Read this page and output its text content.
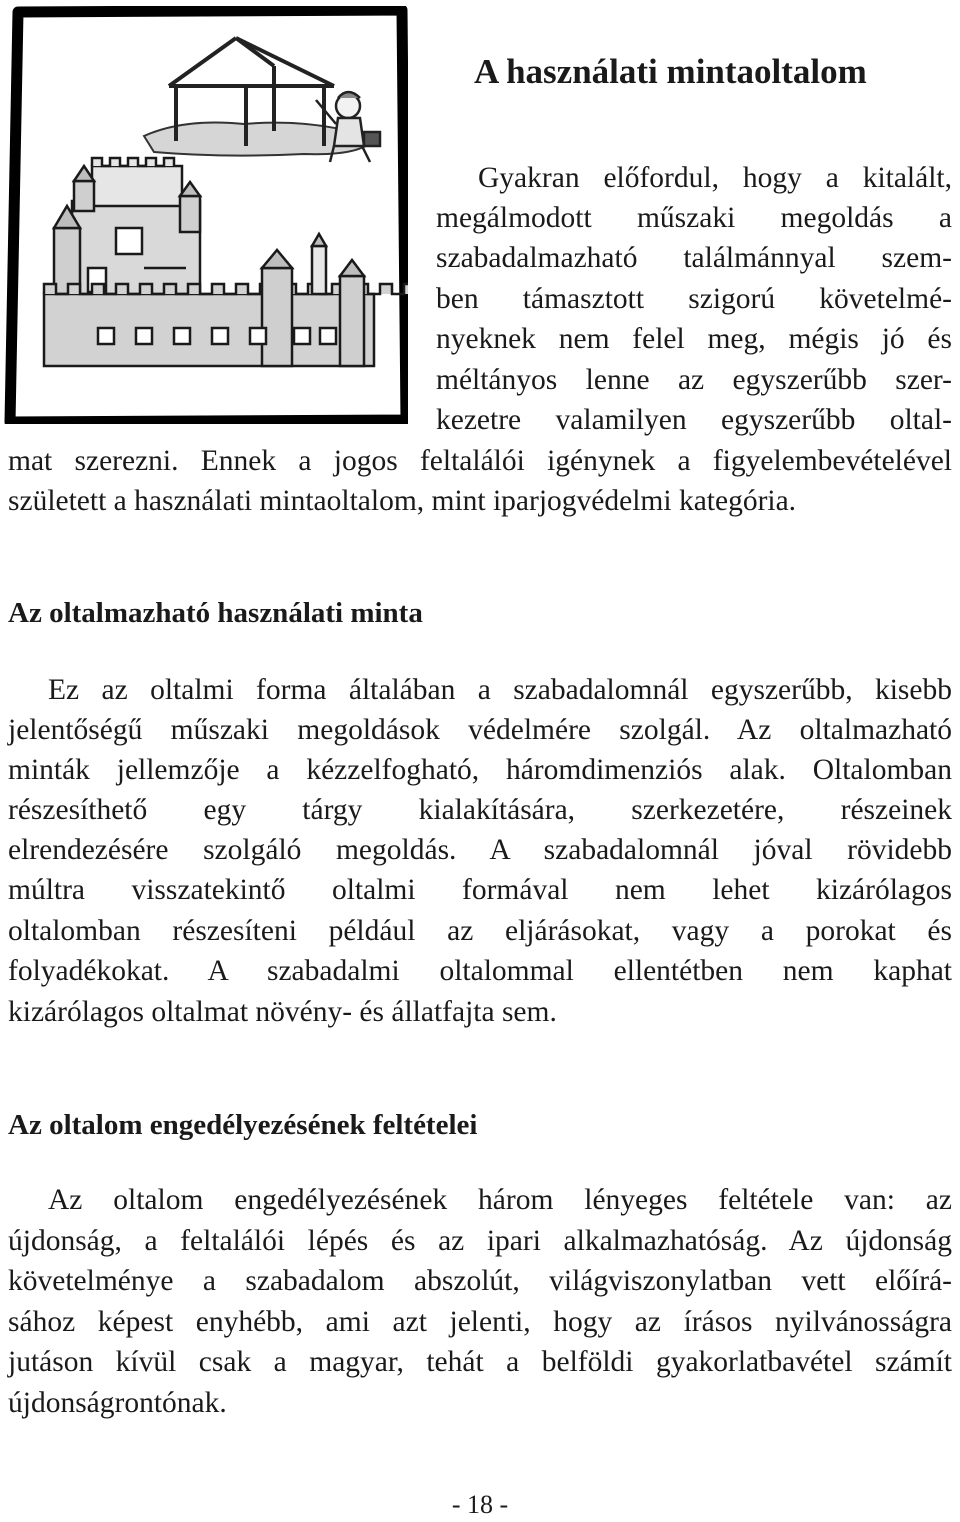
A használati mintaoltalom
Gyakran előfordul, hogy a kitalált,
megálmodott műszaki megoldás a
szabadalmazható találmánnyal szem-
ben támasztott szigorú követelmé-
nyeknek nem felel meg, mégis jó és
méltányos lenne az egyszerűbb szer-
kezetre valamilyen egyszerűbb oltal-
mat szerezni. Ennek a jogos feltalálói igénynek a figyelembevételével
született a használati mintaoltalom, mint iparjogvédelmi kategória.
Az oltalmazható használati minta
Ez az oltalmi forma általában a szabadalomnál egyszerűbb, kisebb
jelentőségű műszaki megoldások védelmére szolgál. Az oltalmazható
minták jellemzője a kézzelfogható, háromdimenziós alak. Oltalomban
részesíthető egy tárgy kialakítására, szerkezetére, részeinek
elrendezésére szolgáló megoldás. A szabadalomnál jóval rövidebb
múltra visszatekintő oltalmi formával nem lehet kizárólagos
oltalomban részesíteni például az eljárásokat, vagy a porokat és
folyadékokat. A szabadalmi oltalommal ellentétben nem kaphat
kizárólagos oltalmat növény- és állatfajta sem.
Az oltalom engedélyezésének feltételei
Az oltalom engedélyezésének három lényeges feltétele van: az
újdonság, a feltalálói lépés és az ipari alkalmazhatóság. Az újdonság
követelménye a szabadalom abszolút, világviszonylatban vett előírá-
sához képest enyhébb, ami azt jelenti, hogy az írásos nyilvánosságra
jutáson kívül csak a magyar, tehát a belföldi gyakorlatbavétel számít
újdonságrontónak.
- 18 -
